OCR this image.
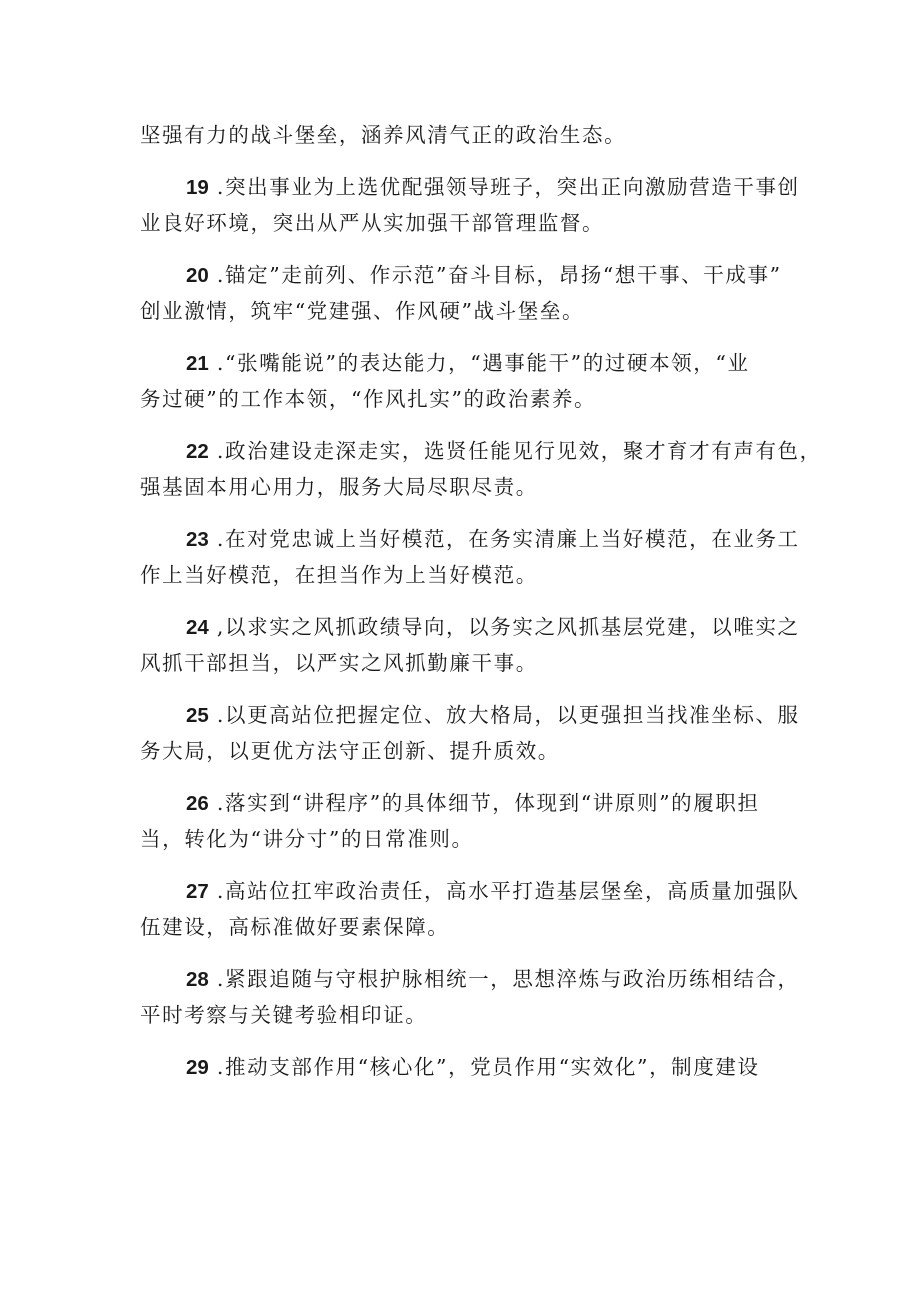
坚强有力的战斗堡垒，涵养风清气正的政治生态。
19 .突出事业为上选优配强领导班子，突出正向激励营造干事创
业良好环境，突出从严从实加强干部管理监督。
20 .锚定”走前列、作示范”奋斗目标，昂扬“想干事、干成事”
创业激情，筑牢“党建强、作风硬”战斗堡垒。
21 .“张嘴能说”的表达能力，“遇事能干”的过硬本领，“业
务过硬”的工作本领，“作风扎实”的政治素养。
22 .政治建设走深走实，选贤任能见行见效，聚才育才有声有色，
强基固本用心用力，服务大局尽职尽责。
23 .在对党忠诚上当好模范，在务实清廉上当好模范，在业务工
作上当好模范，在担当作为上当好模范。
24 ,以求实之风抓政绩导向，以务实之风抓基层党建，以唯实之
风抓干部担当，以严实之风抓勤廉干事。
25 .以更高站位把握定位、放大格局，以更强担当找准坐标、服
务大局，以更优方法守正创新、提升质效。
26 .落实到“讲程序”的具体细节，体现到“讲原则”的履职担
当，转化为“讲分寸”的日常准则。
27 .高站位扛牢政治责任，高水平打造基层堡垒，高质量加强队
伍建设，高标准做好要素保障。
28 .紧跟追随与守根护脉相统一，思想淬炼与政治历练相结合，
平时考察与关键考验相印证。
29 .推动支部作用“核心化”，党员作用“实效化”，制度建设
